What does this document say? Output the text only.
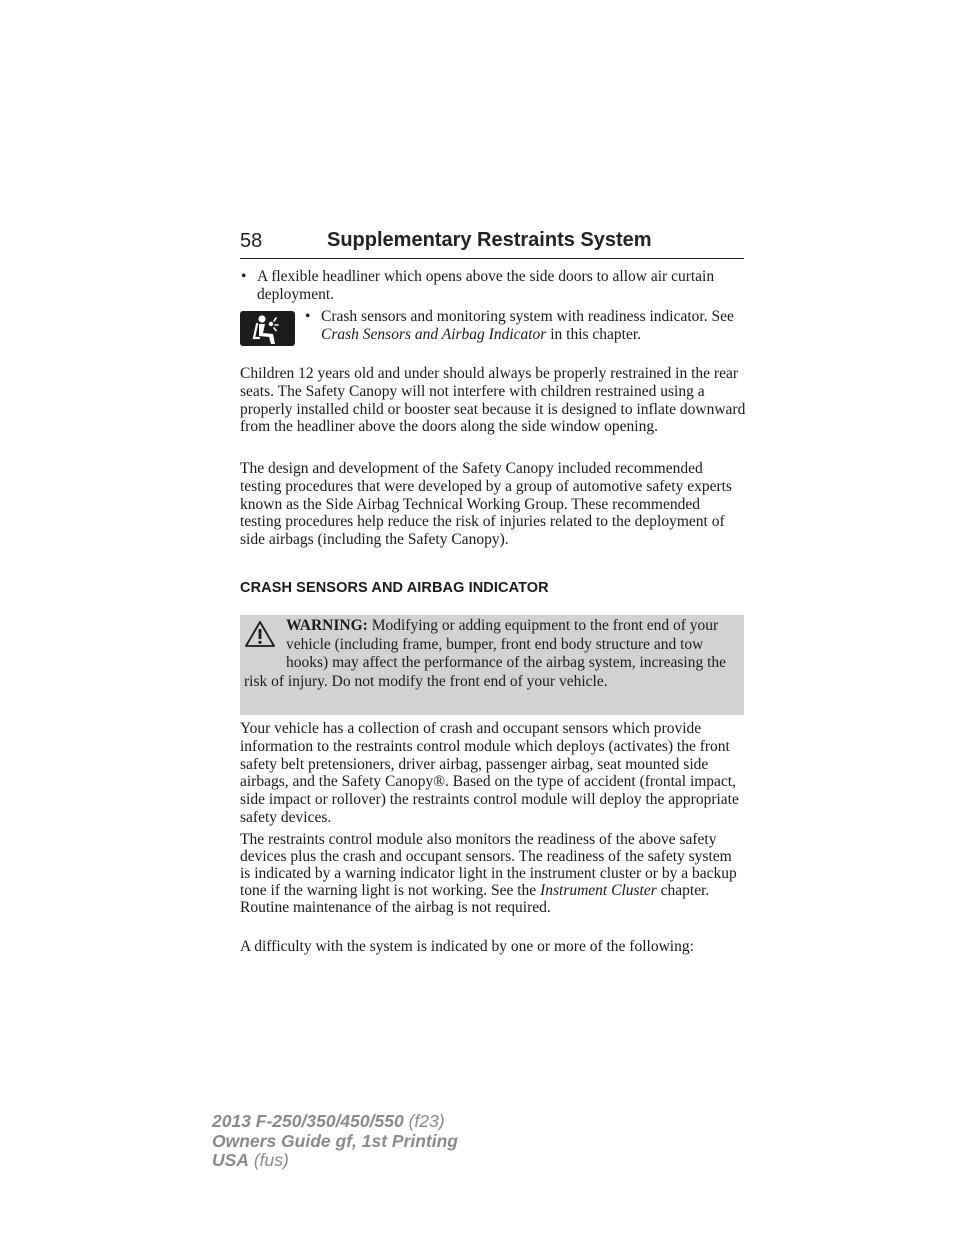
58	Supplementary Restraints System
• A flexible headliner which opens above the side doors to allow air curtain deployment.
• Crash sensors and monitoring system with readiness indicator. See Crash Sensors and Airbag Indicator in this chapter.
Children 12 years old and under should always be properly restrained in the rear seats. The Safety Canopy will not interfere with children restrained using a properly installed child or booster seat because it is designed to inflate downward from the headliner above the doors along the side window opening.
The design and development of the Safety Canopy included recommended testing procedures that were developed by a group of automotive safety experts known as the Side Airbag Technical Working Group. These recommended testing procedures help reduce the risk of injuries related to the deployment of side airbags (including the Safety Canopy).
CRASH SENSORS AND AIRBAG INDICATOR
WARNING: Modifying or adding equipment to the front end of your vehicle (including frame, bumper, front end body structure and tow hooks) may affect the performance of the airbag system, increasing the risk of injury. Do not modify the front end of your vehicle.
Your vehicle has a collection of crash and occupant sensors which provide information to the restraints control module which deploys (activates) the front safety belt pretensioners, driver airbag, passenger airbag, seat mounted side airbags, and the Safety Canopy®. Based on the type of accident (frontal impact, side impact or rollover) the restraints control module will deploy the appropriate safety devices.
The restraints control module also monitors the readiness of the above safety devices plus the crash and occupant sensors. The readiness of the safety system is indicated by a warning indicator light in the instrument cluster or by a backup tone if the warning light is not working. See the Instrument Cluster chapter. Routine maintenance of the airbag is not required.
A difficulty with the system is indicated by one or more of the following:
2013 F-250/350/450/550 (f23)
Owners Guide gf, 1st Printing
USA (fus)
